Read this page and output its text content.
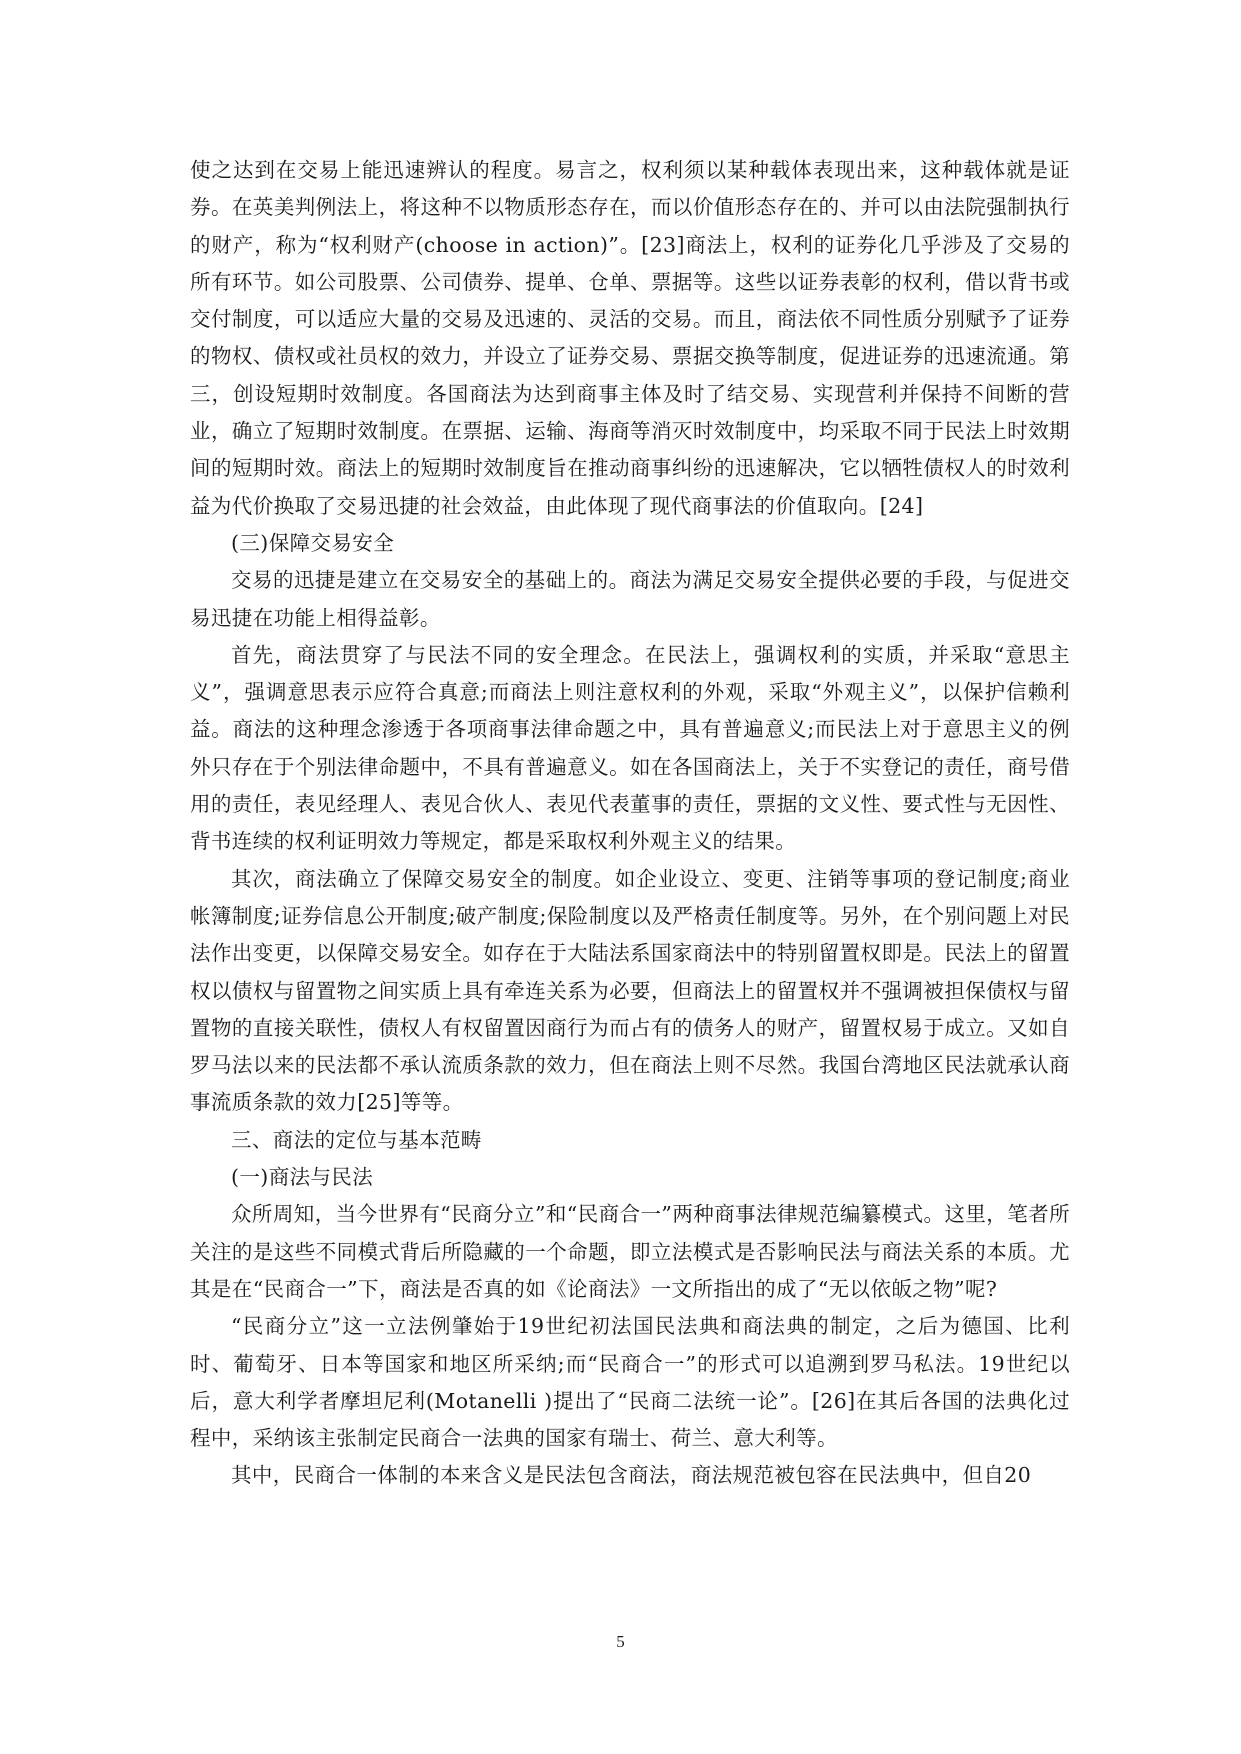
使之达到在交易上能迅速辨认的程度。易言之，权利须以某种载体表现出来，这种载体就是证券。在英美判例法上，将这种不以物质形态存在，而以价值形态存在的、并可以由法院强制执行的财产，称为“权利财产(choose in action)”。[23]商法上，权利的证券化几乎涉及了交易的所有环节。如公司股票、公司债券、提单、仓单、票据等。这些以证券表彰的权利，借以背书或交付制度，可以适应大量的交易及迅速的、灵活的交易。而且，商法依不同性质分别赋予了证券的物权、债权或社员权的效力，并设立了证券交易、票据交换等制度，促进证券的迅速流通。第三，创设短期时效制度。各国商法为达到商事主体及时了结交易、实现营利并保持不间断的营业，确立了短期时效制度。在票据、运输、海商等消灭时效制度中，均采取不同于民法上时效期间的短期时效。商法上的短期时效制度旨在推动商事纠纷的迅速解决，它以牺牲债权人的时效利益为代价换取了交易迅捷的社会效益，由此体现了现代商事法的价值取向。[24]

(三)保障交易安全

交易的迅捷是建立在交易安全的基础上的。商法为满足交易安全提供必要的手段，与促进交易迅捷在功能上相得益彰。

首先，商法贯穿了与民法不同的安全理念。在民法上，强调权利的实质，并采取“意思主义”，强调意思表示应符合真意;而商法上则注意权利的外观，采取“外观主义”，以保护信赖利益。商法的这种理念渗透于各项商事法律命题之中，具有普遍意义;而民法上对于意思主义的例外只存在于个别法律命题中，不具有普遍意义。如在各国商法上，关于不实登记的责任，商号借用的责任，表见经理人、表见合伙人、表见代表董事的责任，票据的文义性、要式性与无因性、背书连续的权利证明效力等规定，都是采取权利外观主义的结果。

其次，商法确立了保障交易安全的制度。如企业设立、变更、注销等事项的登记制度;商业帐簿制度;证券信息公开制度;破产制度;保险制度以及严格责任制度等。另外，在个别问题上对民法作出变更，以保障交易安全。如存在于大陆法系国家商法中的特别留置权即是。民法上的留置权以债权与留置物之间实质上具有牵连关系为必要，但商法上的留置权并不强调被担保债权与留置物的直接关联性，债权人有权留置因商行为而占有的债务人的财产，留置权易于成立。又如自罗马法以来的民法都不承认流质条款的效力，但在商法上则不尽然。我国台湾地区民法就承认商事流质条款的效力[25]等等。

三、商法的定位与基本范畴

(一)商法与民法

众所周知，当今世界有“民商分立”和“民商合一”两种商事法律规范编纂模式。这里，笔者所关注的是这些不同模式背后所隐藏的一个命题，即立法模式是否影响民法与商法关系的本质。尤其是在“民商合一”下，商法是否真的如《论商法》一文所指出的成了“无以依皈之物”呢?

“民商分立”这一立法例肇始于19世纪初法国民法典和商法典的制定，之后为德国、比利时、葡萄牙、日本等国家和地区所采纳;而“民商合一”的形式可以追溯到罗马私法。19世纪以后，意大利学者摩坦尼利(Motanelli )提出了“民商二法统一论”。[26]在其后各国的法典化过程中，采纳该主张制定民商合一法典的国家有瑞士、荷兰、意大利等。

其中，民商合一体制的本来含义是民法包含商法，商法规范被包容在民法典中，但自20

5
